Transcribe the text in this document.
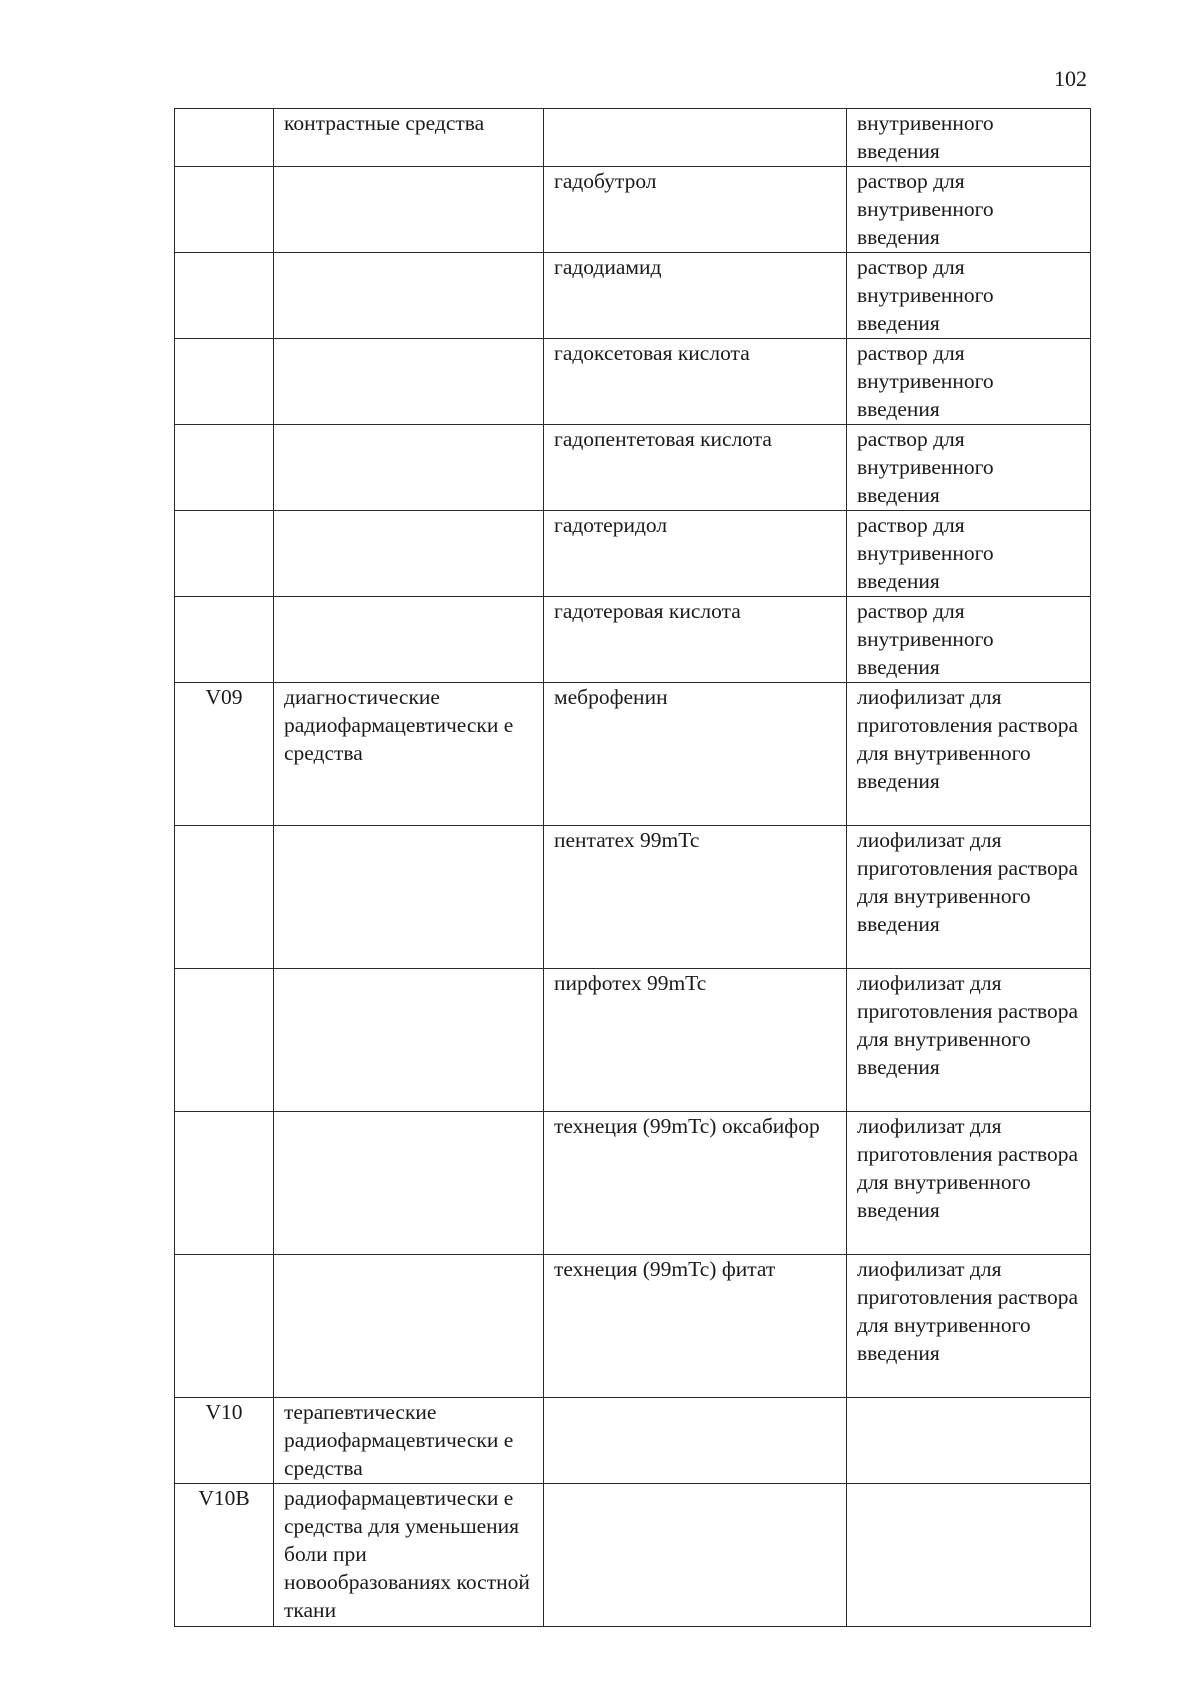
102
	контрастные средства		внутривенного введения
		гадобутрол	раствор для внутривенного введения
		гадодиамид	раствор для внутривенного введения
		гадоксетовая кислота	раствор для внутривенного введения
		гадопентетовая кислота	раствор для внутривенного введения
		гадотеридол	раствор для внутривенного введения
		гадотеровая кислота	раствор для внутривенного введения
V09	диагностические радиофармацевтически е средства	меброфенин	лиофилизат для приготовления раствора для внутривенного введения
		пентатех 99mTc	лиофилизат для приготовления раствора для внутривенного введения
		пирфотех 99mTc	лиофилизат для приготовления раствора для внутривенного введения
		технеция (99mTc) оксабифор	лиофилизат для приготовления раствора для внутривенного введения
		технеция (99mTc) фитат	лиофилизат для приготовления раствора для внутривенного введения
V10	терапевтические радиофармацевтически е средства		
V10B	радиофармацевтически е средства для уменьшения боли при новообразованиях костной ткани		
